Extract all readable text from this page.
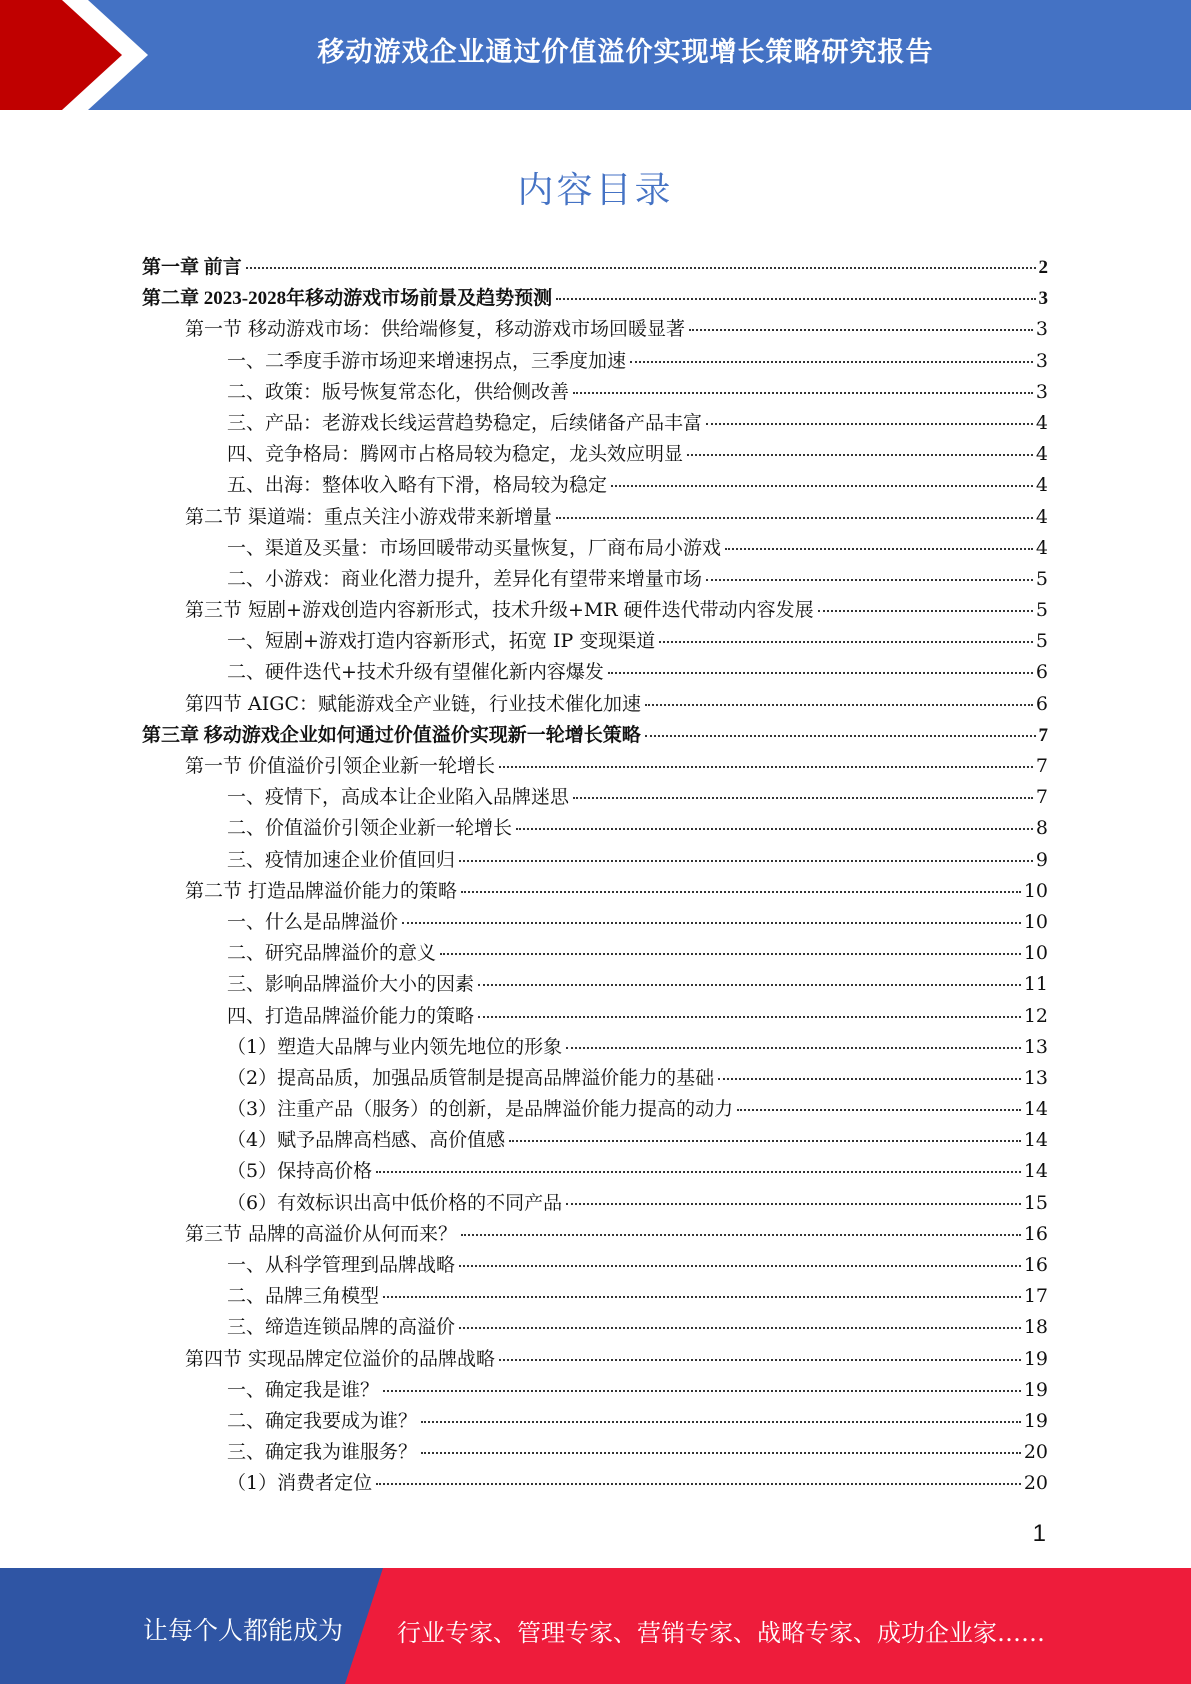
移动游戏企业通过价值溢价实现增长策略研究报告
内容目录
第一章 前言	2
第二章 2023-2028年移动游戏市场前景及趋势预测	3
第一节 移动游戏市场：供给端修复，移动游戏市场回暖显著	3
一、二季度手游市场迎来增速拐点，三季度加速	3
二、政策：版号恢复常态化，供给侧改善	3
三、产品：老游戏长线运营趋势稳定，后续储备产品丰富	4
四、竞争格局：腾网市占格局较为稳定，龙头效应明显	4
五、出海：整体收入略有下滑，格局较为稳定	4
第二节 渠道端：重点关注小游戏带来新增量	4
一、渠道及买量：市场回暖带动买量恢复，厂商布局小游戏	4
二、小游戏：商业化潜力提升，差异化有望带来增量市场	5
第三节 短剧+游戏创造内容新形式，技术升级+MR 硬件迭代带动内容发展	5
一、短剧+游戏打造内容新形式，拓宽 IP 变现渠道	5
二、硬件迭代+技术升级有望催化新内容爆发	6
第四节 AIGC：赋能游戏全产业链，行业技术催化加速	6
第三章 移动游戏企业如何通过价值溢价实现新一轮增长策略	7
第一节 价值溢价引领企业新一轮增长	7
一、疫情下，高成本让企业陷入品牌迷思	7
二、价值溢价引领企业新一轮增长	8
三、疫情加速企业价值回归	9
第二节 打造品牌溢价能力的策略	10
一、什么是品牌溢价	10
二、研究品牌溢价的意义	10
三、影响品牌溢价大小的因素	11
四、打造品牌溢价能力的策略	12
（1）塑造大品牌与业内领先地位的形象	13
（2）提高品质，加强品质管制是提高品牌溢价能力的基础	13
（3）注重产品（服务）的创新，是品牌溢价能力提高的动力	14
（4）赋予品牌高档感、高价值感	14
（5）保持高价格	14
（6）有效标识出高中低价格的不同产品	15
第三节 品牌的高溢价从何而来？	16
一、从科学管理到品牌战略	16
二、品牌三角模型	17
三、缔造连锁品牌的高溢价	18
第四节 实现品牌定位溢价的品牌战略	19
一、确定我是谁？	19
二、确定我要成为谁？	19
三、确定我为谁服务？	20
（1）消费者定位	20
1
让每个人都能成为 行业专家、管理专家、营销专家、战略专家、成功企业家……
